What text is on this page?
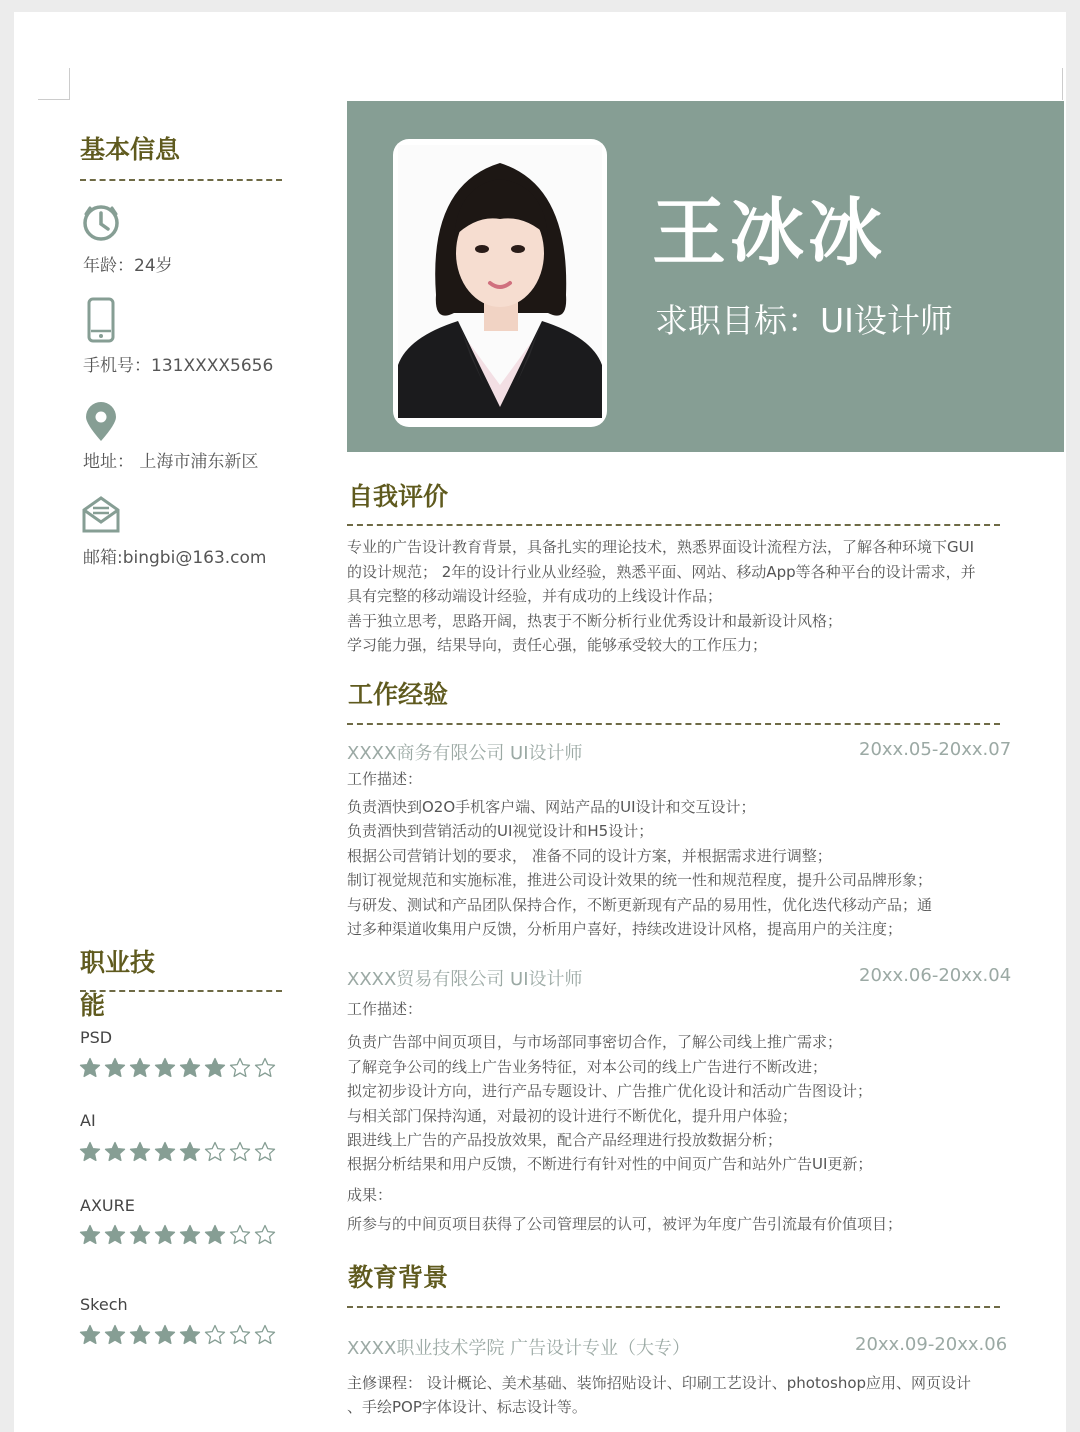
王冰冰
求职目标：UI设计师
基本信息
年龄：24岁
手机号：131XXXX5656
地址： 上海市浦东新区
邮箱:bingbi@163.com
职业技
能
PSD
AI
AXURE
Skech
自我评价
专业的广告设计教育背景，具备扎实的理论技术，熟悉界面设计流程方法，了解各种环境下GUI
的设计规范； 2年的设计行业从业经验，熟悉平面、网站、移动App等各种平台的设计需求，并
具有完整的移动端设计经验，并有成功的上线设计作品；
善于独立思考，思路开阔，热衷于不断分析行业优秀设计和最新设计风格；
学习能力强，结果导向，责任心强，能够承受较大的工作压力；
工作经验
XXXX商务有限公司 UI设计师	20xx.05-20xx.07
工作描述：
负责酒快到O2O手机客户端、网站产品的UI设计和交互设计；
负责酒快到营销活动的UI视觉设计和H5设计；
根据公司营销计划的要求， 准备不同的设计方案，并根据需求进行调整；
制订视觉规范和实施标准，推进公司设计效果的统一性和规范程度，提升公司品牌形象；
与研发、测试和产品团队保持合作，不断更新现有产品的易用性，优化迭代移动产品；通
过多种渠道收集用户反馈，分析用户喜好，持续改进设计风格，提高用户的关注度；
XXXX贸易有限公司 UI设计师	20xx.06-20xx.04
工作描述：
负责广告部中间页项目，与市场部同事密切合作，了解公司线上推广需求；
了解竞争公司的线上广告业务特征，对本公司的线上广告进行不断改进；
拟定初步设计方向，进行产品专题设计、广告推广优化设计和活动广告图设计；
与相关部门保持沟通，对最初的设计进行不断优化，提升用户体验；
跟进线上广告的产品投放效果，配合产品经理进行投放数据分析；
根据分析结果和用户反馈，不断进行有针对性的中间页广告和站外广告UI更新；
成果：
所参与的中间页项目获得了公司管理层的认可，被评为年度广告引流最有价值项目；
教育背景
XXXX职业技术学院 广告设计专业（大专）	20xx.09-20xx.06
主修课程： 设计概论、美术基础、装饰招贴设计、印刷工艺设计、photoshop应用、网页设计
、手绘POP字体设计、标志设计等。
